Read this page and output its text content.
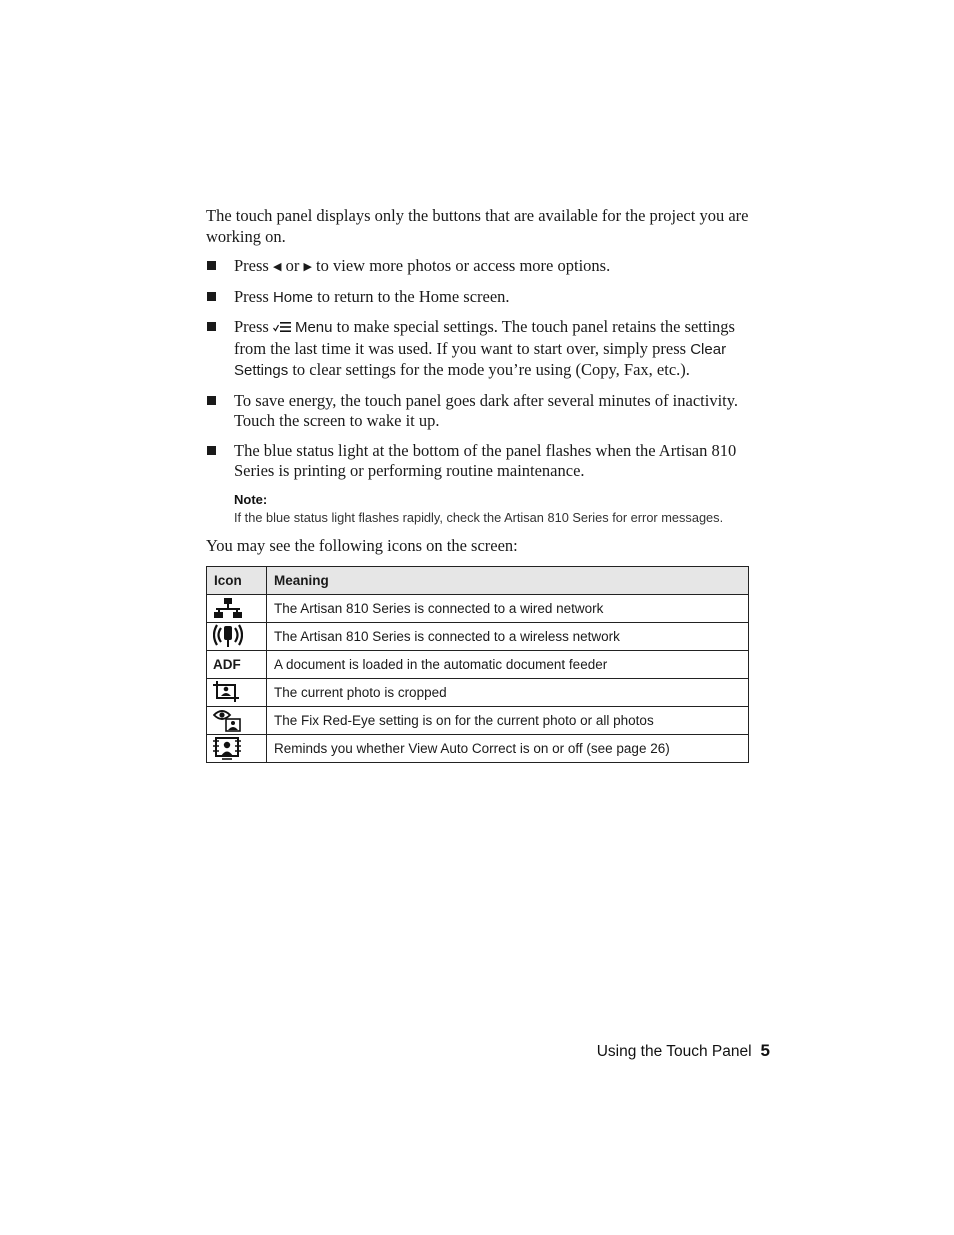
The touch panel displays only the buttons that are available for the project you are working on.

Press ◀ or ▶ to view more photos or access more options.
Press Home to return to the Home screen.
Press Menu to make special settings. The touch panel retains the settings from the last time it was used. If you want to start over, simply press Clear Settings to clear settings for the mode you’re using (Copy, Fax, etc.).
To save energy, the touch panel goes dark after several minutes of inactivity. Touch the screen to wake it up.
The blue status light at the bottom of the panel flashes when the Artisan 810 Series is printing or performing routine maintenance.
Note:
If the blue status light flashes rapidly, check the Artisan 810 Series for error messages.

You may see the following icons on the screen:

Icon	Meaning

	The Artisan 810 Series is connected to a wired network

	The Artisan 810 Series is connected to a wireless network
ADF	A document is loaded in the automatic document feeder

	The current photo is cropped

	The Fix Red-Eye setting is on for the current photo or all photos

	Reminds you whether View Auto Correct is on or off (see page 26)
Using the Touch Panel 5
